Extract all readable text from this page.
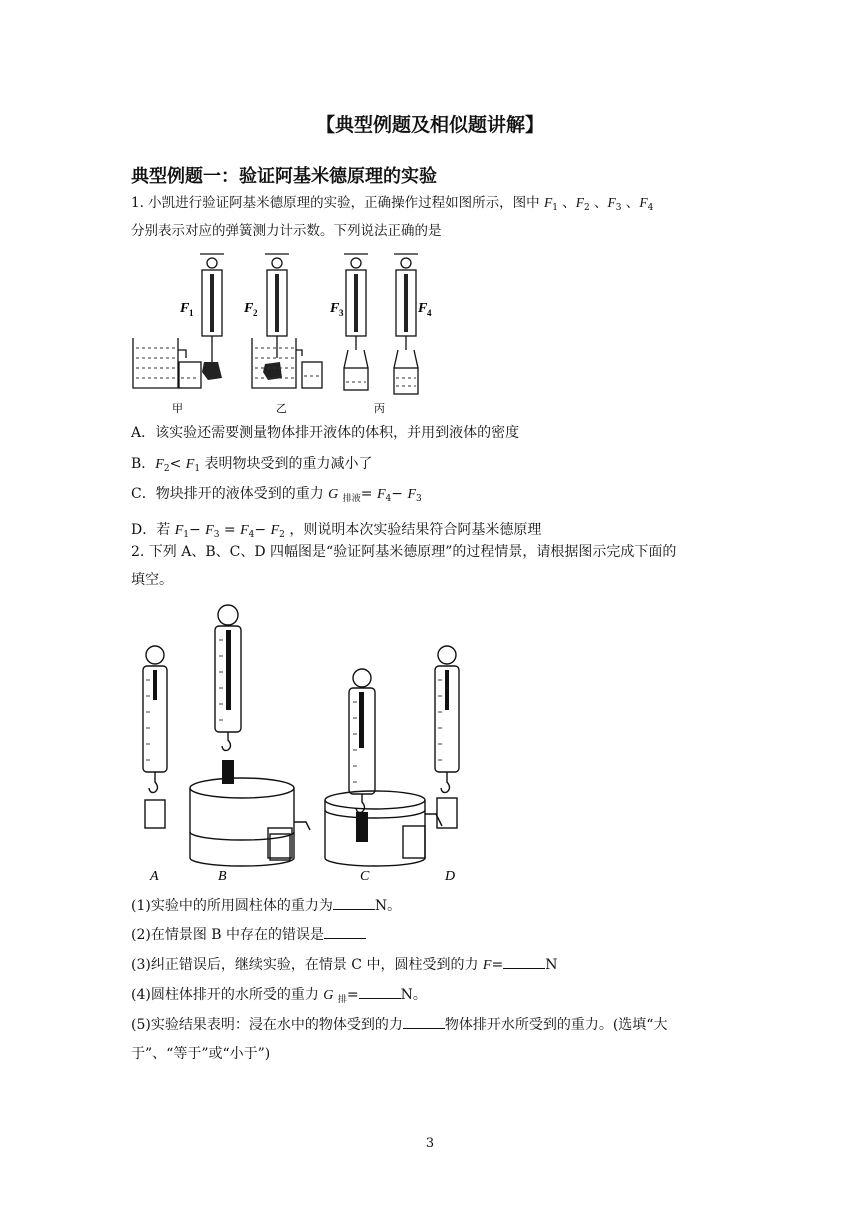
【典型例题及相似题讲解】
典型例题一：验证阿基米德原理的实验
1. 小凯进行验证阿基米德原理的实验，正确操作过程如图所示，图中 $F_1$ 、$F_2$ 、$F_3$ 、$F_4$
分别表示对应的弹簧测力计示数。下列说法正确的是
F 1	F 2	F 3	F 4
甲	乙	丙
A．该实验还需要测量物体排开液体的体积，并用到液体的密度
B．$F_2< F_1$ 表明物块受到的重力减小了
C．物块排开的液体受到的重力 G $_{排液}= F_4- F_3$
D．若 $F_1- F_3 = F_4- F_2$ ，则说明本次实验结果符合阿基米德原理
2. 下列 A、B、C、D 四幅图是“验证阿基米德原理”的过程情景，请根据图示完成下面的
填空。
A	B	C	D
(1)实验中的所用圆柱体的重力为	N。
(2)在情景图 B 中存在的错误是
(3)纠正错误后，继续实验，在情景 C 中，圆柱受到的力 F=	N
(4)圆柱体排开的水所受的重力 G $_排$=	N。
(5)实验结果表明：浸在水中的物体受到的力	物体排开水所受到的重力。(选填“大
于”、“等于”或“小于”)
3
